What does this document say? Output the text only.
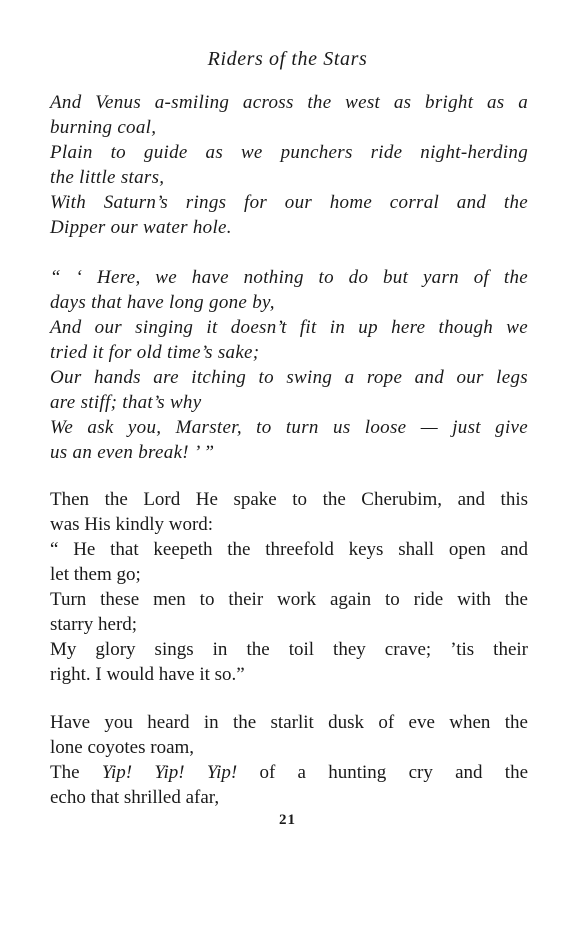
Riders of the Stars

And Venus a-smiling across the west as bright as a
burning coal,

Plain to guide as we punchers ride night-herding
the little stars,

With Saturn’s rings for our home corral and the
Dipper our water hole.

“ ‘ Here, we have nothing to do but yarn of the
days that have long gone by,

And our singing it doesn’t fit in up here though we
tried it for old time’s sake;

Our hands are itching to swing a rope and our legs
are stiff; that’s why

We ask you, Marster, to turn us loose — just give
us an even break! ’ ”

Then the Lord He spake to the Cherubim, and this
was His kindly word:

“ He that keepeth the threefold keys shall open and
let them go;

Turn these men to their work again to ride with the
starry herd;

My glory sings in the toil they crave; ’tis their
right. I would have it so.”

Have you heard in the starlit dusk of eve when the
lone coyotes roam,

The Yip! Yip! Yip! of a hunting cry and the
echo that shrilled afar,

21
